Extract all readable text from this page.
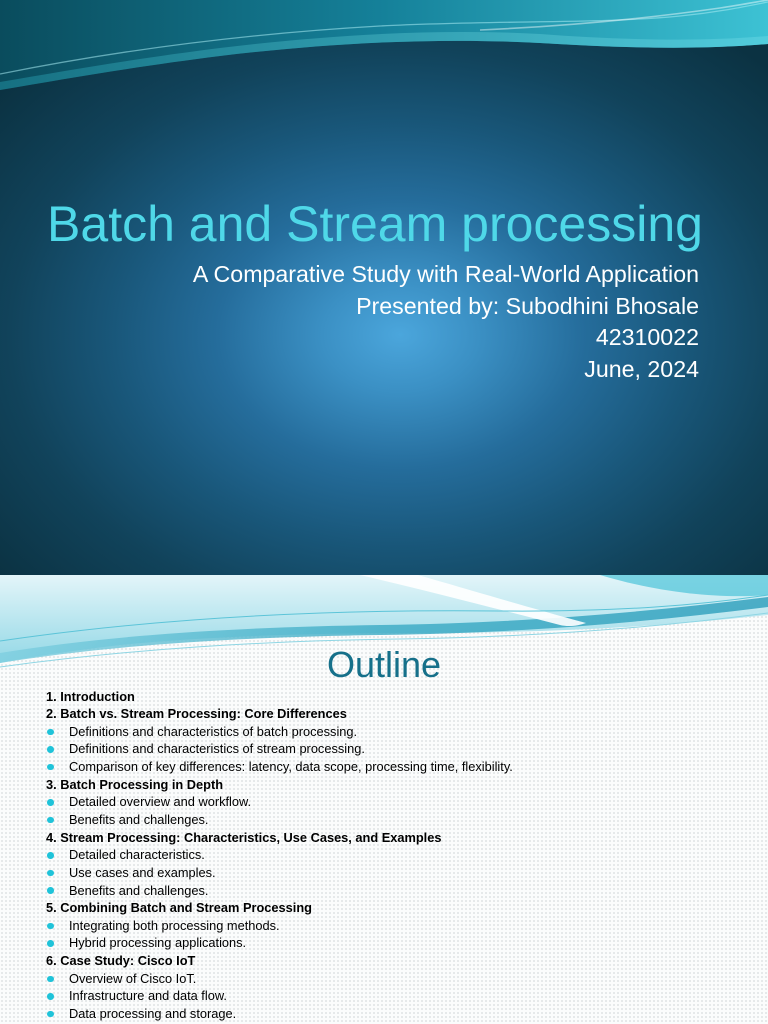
Batch and Stream processing
A Comparative Study with Real-World Application
Presented by: Subodhini Bhosale
42310022
June, 2024
Outline
1. Introduction
2. Batch vs. Stream Processing: Core Differences
Definitions and characteristics of batch processing.
Definitions and characteristics of stream processing.
Comparison of key differences: latency, data scope, processing time, flexibility.
3. Batch Processing in Depth
Detailed overview and workflow.
Benefits and challenges.
4. Stream Processing: Characteristics, Use Cases, and Examples
Detailed characteristics.
Use cases and examples.
Benefits and challenges.
5. Combining Batch and Stream Processing
Integrating both processing methods.
Hybrid processing applications.
6. Case Study: Cisco IoT
Overview of Cisco IoT.
Infrastructure and data flow.
Data processing and storage.
